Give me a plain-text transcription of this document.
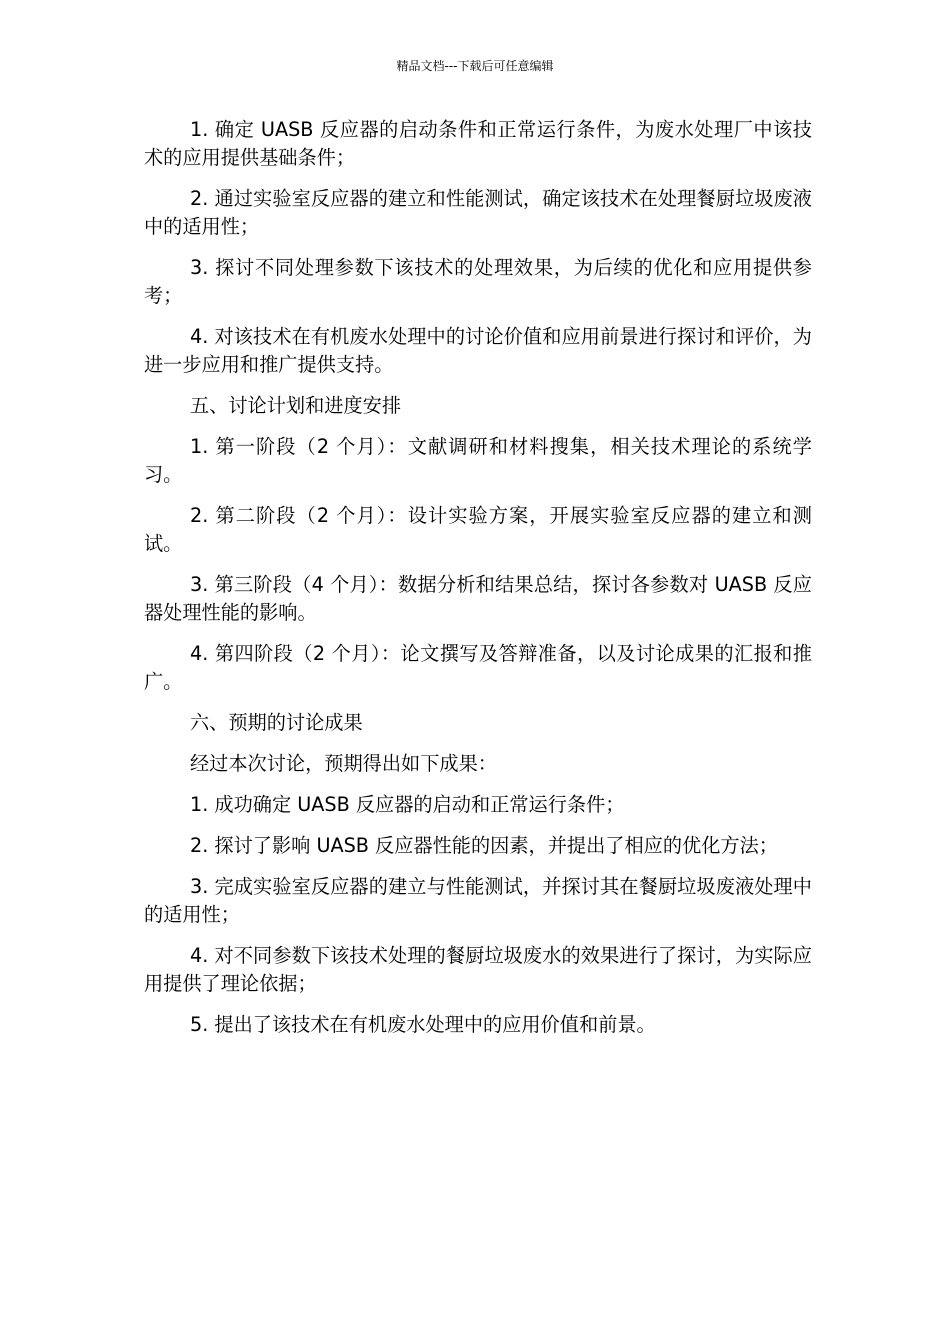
精品文档---下载后可任意编辑

1. 确定 UASB 反应器的启动条件和正常运行条件，为废水处理厂中该技术的应用提供基础条件；

2. 通过实验室反应器的建立和性能测试，确定该技术在处理餐厨垃圾废液中的适用性；

3. 探讨不同处理参数下该技术的处理效果，为后续的优化和应用提供参考；

4. 对该技术在有机废水处理中的讨论价值和应用前景进行探讨和评价，为进一步应用和推广提供支持。

五、讨论计划和进度安排

1. 第一阶段（2 个月）：文献调研和材料搜集，相关技术理论的系统学习。

2. 第二阶段（2 个月）：设计实验方案，开展实验室反应器的建立和测试。

3. 第三阶段（4 个月）：数据分析和结果总结，探讨各参数对 UASB 反应器处理性能的影响。

4. 第四阶段（2 个月）：论文撰写及答辩准备，以及讨论成果的汇报和推广。

六、预期的讨论成果

经过本次讨论，预期得出如下成果：

1. 成功确定 UASB 反应器的启动和正常运行条件；

2. 探讨了影响 UASB 反应器性能的因素，并提出了相应的优化方法；

3. 完成实验室反应器的建立与性能测试，并探讨其在餐厨垃圾废液处理中的适用性；

4. 对不同参数下该技术处理的餐厨垃圾废水的效果进行了探讨，为实际应用提供了理论依据；

5. 提出了该技术在有机废水处理中的应用价值和前景。
